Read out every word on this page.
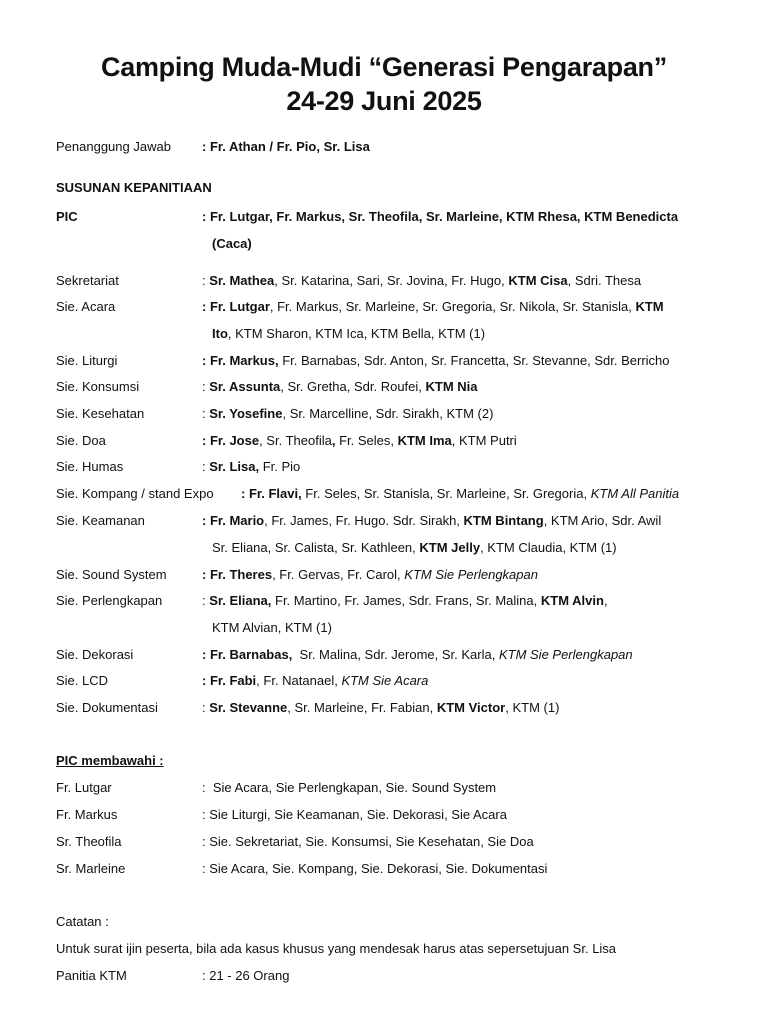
Camping Muda-Mudi “Generasi Pengarapan”
24-29 Juni 2025
Penanggung Jawab : Fr. Athan / Fr. Pio, Sr. Lisa
SUSUNAN KEPANITIAAN
PIC	: Fr. Lutgar, Fr. Markus, Sr. Theofila, Sr. Marleine, KTM Rhesa, KTM Benedicta
(Caca)
Sekretariat	: Sr. Mathea, Sr. Katarina, Sari, Sr. Jovina, Fr. Hugo, KTM Cisa, Sdri. Thesa
Sie. Acara	: Fr. Lutgar, Fr. Markus, Sr. Marleine, Sr. Gregoria, Sr. Nikola, Sr. Stanisla, KTM
Ito, KTM Sharon, KTM Ica, KTM Bella, KTM (1)
Sie. Liturgi	: Fr. Markus, Fr. Barnabas, Sdr. Anton, Sr. Francetta, Sr. Stevanne, Sdr. Berricho
Sie. Konsumsi	: Sr. Assunta, Sr. Gretha, Sdr. Roufei, KTM Nia
Sie. Kesehatan	: Sr. Yosefine, Sr. Marcelline, Sdr. Sirakh, KTM (2)
Sie. Doa	: Fr. Jose, Sr. Theofila, Fr. Seles, KTM Ima, KTM Putri
Sie. Humas	: Sr. Lisa, Fr. Pio
Sie. Kompang / stand Expo : Fr. Flavi, Fr. Seles, Sr. Stanisla, Sr. Marleine, Sr. Gregoria, KTM All Panitia
Sie. Keamanan	: Fr. Mario, Fr. James, Fr. Hugo. Sdr. Sirakh, KTM Bintang, KTM Ario, Sdr. Awil
Sr. Eliana, Sr. Calista, Sr. Kathleen, KTM Jelly, KTM Claudia, KTM (1)
Sie. Sound System	: Fr. Theres, Fr. Gervas, Fr. Carol, KTM Sie Perlengkapan
Sie. Perlengkapan	: Sr. Eliana, Fr. Martino, Fr. James, Sdr. Frans, Sr. Malina, KTM Alvin,
KTM Alvian, KTM (1)
Sie. Dekorasi	: Fr. Barnabas,  Sr. Malina, Sdr. Jerome, Sr. Karla, KTM Sie Perlengkapan
Sie. LCD	: Fr. Fabi, Fr. Natanael, KTM Sie Acara
Sie. Dokumentasi	: Sr. Stevanne, Sr. Marleine, Fr. Fabian, KTM Victor, KTM (1)
PIC membawahi :
Fr. Lutgar	:  Sie Acara, Sie Perlengkapan, Sie. Sound System
Fr. Markus	: Sie Liturgi, Sie Keamanan, Sie. Dekorasi, Sie Acara
Sr. Theofila	: Sie. Sekretariat, Sie. Konsumsi, Sie Kesehatan, Sie Doa
Sr. Marleine	: Sie Acara, Sie. Kompang, Sie. Dekorasi, Sie. Dokumentasi
Catatan :
Untuk surat ijin peserta, bila ada kasus khusus yang mendesak harus atas sepersetujuan Sr. Lisa
Panitia KTM	: 21 - 26 Orang
